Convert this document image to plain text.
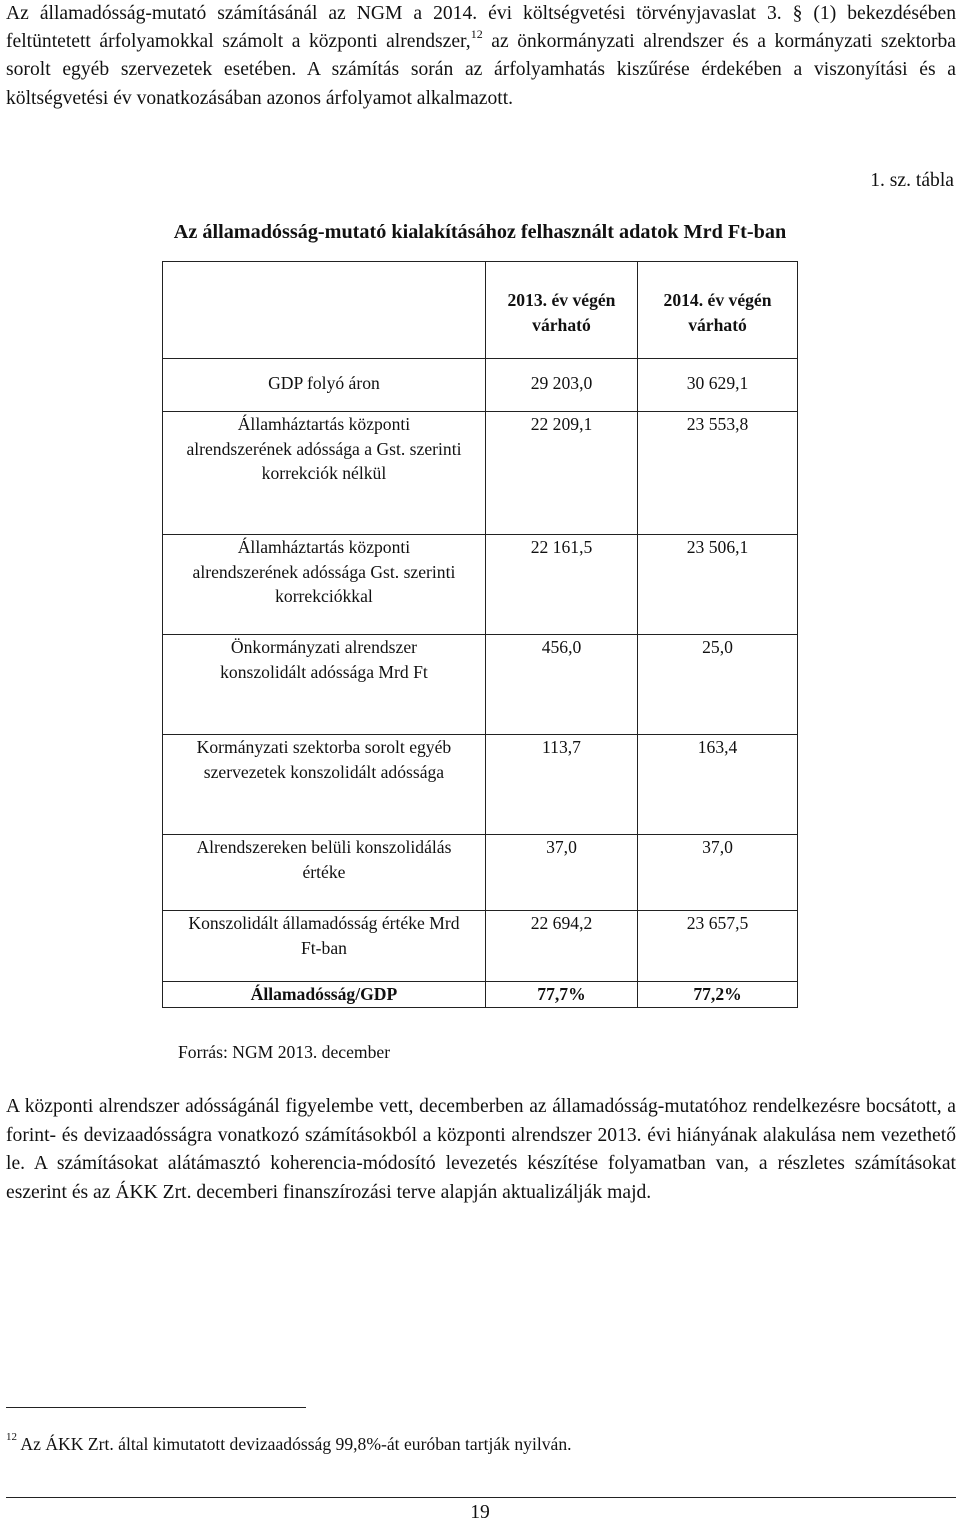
Az államadósság-mutató számításánál az NGM a 2014. évi költségvetési törvényjavaslat 3. § (1) bekezdésében feltüntetett árfolyamokkal számolt a központi alrendszer,$^{12}$ az önkormányzati alrendszer és a kormányzati szektorba sorolt egyéb szervezetek esetében. A számítás során az árfolyamhatás kiszűrése érdekében a viszonyítási és a költségvetési év vonatkozásában azonos árfolyamot alkalmazott.

1. sz. tábla

Az államadósság-mutató kialakításához felhasznált adatok Mrd Ft-ban
	2013. év végén várható	2014. év végén várható
GDP folyó áron	29 203,0	30 629,1
Államháztartás központi alrendszerének adóssága a Gst. szerinti korrekciók nélkül	22 209,1	23 553,8
Államháztartás központi alrendszerének adóssága Gst. szerinti korrekciókkal	22 161,5	23 506,1
Önkormányzati alrendszer konszolidált adóssága Mrd Ft	456,0	25,0
Kormányzati szektorba sorolt egyéb szervezetek konszolidált adóssága	113,7	163,4
Alrendszereken belüli konszolidálás értéke	37,0	37,0
Konszolidált államadósság értéke Mrd Ft-ban	22 694,2	23 657,5
Államadósság/GDP	77,7%	77,2%

Forrás: NGM 2013. december

A központi alrendszer adósságánál figyelembe vett, decemberben az államadósság-mutatóhoz rendelkezésre bocsátott, a forint- és devizaadósságra vonatkozó számításokból a központi alrendszer 2013. évi hiányának alakulása nem vezethető le. A számításokat alátámasztó koherencia-módosító levezetés készítése folyamatban van, a részletes számításokat eszerint és az ÁKK Zrt. decemberi finanszírozási terve alapján aktualizálják majd.

$^{12}$ Az ÁKK Zrt. által kimutatott devizaadósság 99,8%-át euróban tartják nyilván.

19
